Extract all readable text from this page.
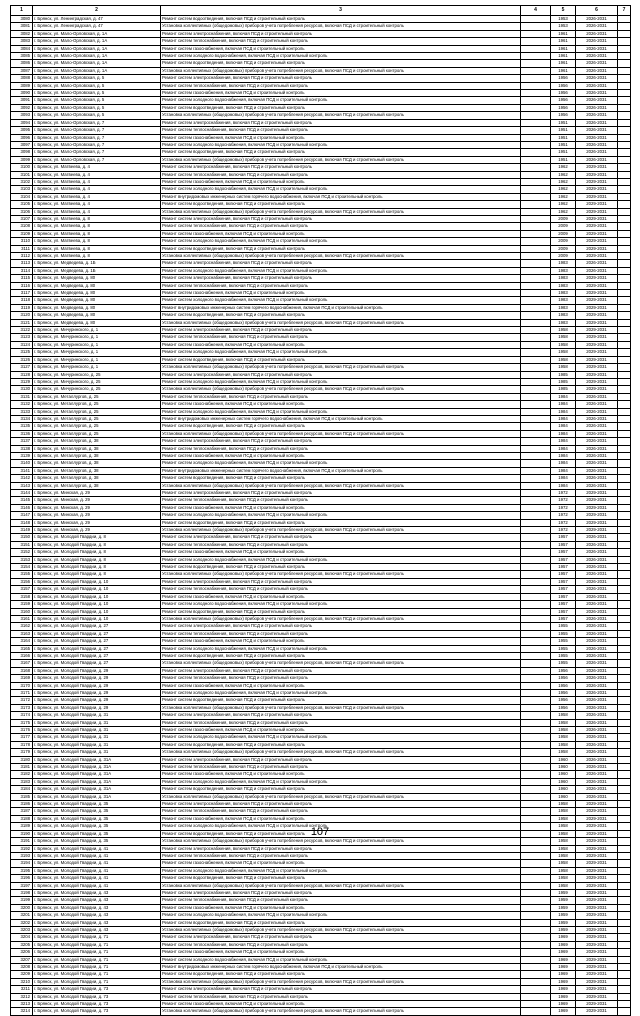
1	2	3	4	5	6	7
3080	г. Брянск, ул. Ленинградская, д. 47	Ремонт систем водоотведения, включая ПСД и строительный контроль		1953	2026-2031	
3081	г. Брянск, ул. Ленинградская, д. 47	Установка коллективных (общедомовых) приборов учета потребления ресурсов, включая ПСД и строительный контроль		1953	2026-2031	
3082	г. Брянск, ул. Мало-Орловская, д. 1А	Ремонт систем электроснабжения, включая ПСД и строительный контроль		1961	2026-2031	
3083	г. Брянск, ул. Мало-Орловская, д. 1А	Ремонт систем теплоснабжения, включая ПСД и строительный контроль		1961	2026-2031	
3084	г. Брянск, ул. Мало-Орловская, д. 1А	Ремонт систем газоснабжения, включая ПСД и строительный контроль		1961	2026-2031	
3085	г. Брянск, ул. Мало-Орловская, д. 1А	Ремонт систем холодного водоснабжения, включая ПСД и строительный контроль		1961	2026-2031	
3086	г. Брянск, ул. Мало-Орловская, д. 1А	Ремонт систем водоотведения, включая ПСД и строительный контроль		1961	2026-2031	
3087	г. Брянск, ул. Мало-Орловская, д. 1А	Установка коллективных (общедомовых) приборов учета потребления ресурсов, включая ПСД и строительный контроль		1961	2026-2031	
3088	г. Брянск, ул. Мало-Орловская, д. 5	Ремонт систем электроснабжения, включая ПСД и строительный контроль		1956	2026-2031	
3089	г. Брянск, ул. Мало-Орловская, д. 5	Ремонт систем теплоснабжения, включая ПСД и строительный контроль		1956	2026-2031	
3090	г. Брянск, ул. Мало-Орловская, д. 5	Ремонт систем газоснабжения, включая ПСД и строительный контроль		1956	2026-2031	
3091	г. Брянск, ул. Мало-Орловская, д. 5	Ремонт систем холодного водоснабжения, включая ПСД и строительный контроль		1956	2026-2031	
3092	г. Брянск, ул. Мало-Орловская, д. 5	Ремонт систем водоотведения, включая ПСД и строительный контроль		1956	2026-2031	
3093	г. Брянск, ул. Мало-Орловская, д. 5	Установка коллективных (общедомовых) приборов учета потребления ресурсов, включая ПСД и строительный контроль		1956	2026-2031	
3094	г. Брянск, ул. Мало-Орловская, д. 7	Ремонт систем электроснабжения, включая ПСД и строительный контроль		1951	2026-2031	
3095	г. Брянск, ул. Мало-Орловская, д. 7	Ремонт систем теплоснабжения, включая ПСД и строительный контроль		1951	2026-2031	
3096	г. Брянск, ул. Мало-Орловская, д. 7	Ремонт систем газоснабжения, включая ПСД и строительный контроль		1951	2026-2031	
3097	г. Брянск, ул. Мало-Орловская, д. 7	Ремонт систем холодного водоснабжения, включая ПСД и строительный контроль		1951	2026-2031	
3098	г. Брянск, ул. Мало-Орловская, д. 7	Ремонт систем водоотведения, включая ПСД и строительный контроль		1951	2026-2031	
3099	г. Брянск, ул. Мало-Орловская, д. 7	Установка коллективных (общедомовых) приборов учета потребления ресурсов, включая ПСД и строительный контроль		1951	2026-2031	
3100	г. Брянск, ул. Матвеева, д. 4	Ремонт систем электроснабжения, включая ПСД и строительный контроль		1962	2029-2031	
3101	г. Брянск, ул. Матвеева, д. 4	Ремонт систем теплоснабжения, включая ПСД и строительный контроль		1962	2029-2031	
3102	г. Брянск, ул. Матвеева, д. 4	Ремонт систем газоснабжения, включая ПСД и строительный контроль		1962	2029-2031	
3103	г. Брянск, ул. Матвеева, д. 4	Ремонт систем холодного водоснабжения, включая ПСД и строительный контроль		1962	2029-2031	
3104	г. Брянск, ул. Матвеева, д. 4	Ремонт внутридомовых инженерных систем горячего водоснабжения, включая ПСД и строительный контроль		1962	2029-2031	
3105	г. Брянск, ул. Матвеева, д. 4	Ремонт систем водоотведения, включая ПСД и строительный контроль		1962	2029-2031	
3106	г. Брянск, ул. Матвеева, д. 4	Установка коллективных (общедомовых) приборов учета потребления ресурсов, включая ПСД и строительный контроль		1962	2029-2031	
3107	г. Брянск, ул. Матвеева, д. 8	Ремонт систем электроснабжения, включая ПСД и строительный контроль		2009	2029-2031	
3108	г. Брянск, ул. Матвеева, д. 8	Ремонт систем теплоснабжения, включая ПСД и строительный контроль		2009	2029-2031	
3109	г. Брянск, ул. Матвеева, д. 8	Ремонт систем газоснабжения, включая ПСД и строительный контроль		2009	2029-2031	
3110	г. Брянск, ул. Матвеева, д. 8	Ремонт систем холодного водоснабжения, включая ПСД и строительный контроль		2009	2029-2031	
3111	г. Брянск, ул. Матвеева, д. 8	Ремонт систем водоотведения, включая ПСД и строительный контроль		2009	2029-2031	
3112	г. Брянск, ул. Матвеева, д. 8	Установка коллективных (общедомовых) приборов учета потребления ресурсов, включая ПСД и строительный контроль		2009	2029-2031	
3113	г. Брянск, ул. Медведева, д. 1Б	Ремонт систем электроснабжения, включая ПСД и строительный контроль		1983	2026-2031	
3114	г. Брянск, ул. Медведева, д. 1Б	Ремонт систем холодного водоснабжения, включая ПСД и строительный контроль		1983	2026-2031	
3115	г. Брянск, ул. Медведева, д. 80	Ремонт систем электроснабжения, включая ПСД и строительный контроль		1983	2029-2031	
3116	г. Брянск, ул. Медведева, д. 80	Ремонт систем теплоснабжения, включая ПСД и строительный контроль		1983	2029-2031	
3117	г. Брянск, ул. Медведева, д. 80	Ремонт систем газоснабжения, включая ПСД и строительный контроль		1983	2029-2031	
3118	г. Брянск, ул. Медведева, д. 80	Ремонт систем холодного водоснабжения, включая ПСД и строительный контроль		1983	2029-2031	
3119	г. Брянск, ул. Медведева, д. 80	Ремонт внутридомовых инженерных систем горячего водоснабжения, включая ПСД и строительный контроль		1983	2029-2031	
3120	г. Брянск, ул. Медведева, д. 80	Ремонт систем водоотведения, включая ПСД и строительный контроль		1983	2029-2031	
3121	г. Брянск, ул. Медведева, д. 80	Установка коллективных (общедомовых) приборов учета потребления ресурсов, включая ПСД и строительный контроль		1983	2029-2031	
3122	г. Брянск, ул. Мичуринского, д. 1	Ремонт систем электроснабжения, включая ПСД и строительный контроль		1958	2029-2031	
3123	г. Брянск, ул. Мичуринского, д. 1	Ремонт систем теплоснабжения, включая ПСД и строительный контроль		1958	2029-2031	
3124	г. Брянск, ул. Мичуринского, д. 1	Ремонт систем газоснабжения, включая ПСД и строительный контроль		1958	2029-2031	
3125	г. Брянск, ул. Мичуринского, д. 1	Ремонт систем холодного водоснабжения, включая ПСД и строительный контроль		1958	2029-2031	
3126	г. Брянск, ул. Мичуринского, д. 1	Ремонт систем водоотведения, включая ПСД и строительный контроль		1958	2029-2031	
3127	г. Брянск, ул. Мичуринского, д. 1	Установка коллективных (общедомовых) приборов учета потребления ресурсов, включая ПСД и строительный контроль		1958	2029-2031	
3128	г. Брянск, ул. Мичуринского, д. 25	Ремонт систем электроснабжения, включая ПСД и строительный контроль		1985	2029-2031	
3129	г. Брянск, ул. Мичуринского, д. 25	Ремонт систем холодного водоснабжения, включая ПСД и строительный контроль		1985	2029-2031	
3130	г. Брянск, ул. Мичуринского, д. 25	Установка коллективных (общедомовых) приборов учета потребления ресурсов, включая ПСД и строительный контроль		1985	2029-2031	
3131	г. Брянск, ул. Металлургов, д. 25	Ремонт систем теплоснабжения, включая ПСД и строительный контроль		1984	2026-2031	
3132	г. Брянск, ул. Металлургов, д. 25	Ремонт систем газоснабжения, включая ПСД и строительный контроль		1984	2026-2031	
3133	г. Брянск, ул. Металлургов, д. 25	Ремонт систем холодного водоснабжения, включая ПСД и строительный контроль		1984	2026-2031	
3134	г. Брянск, ул. Металлургов, д. 25	Ремонт внутридомовых инженерных систем горячего водоснабжения, включая ПСД и строительный контроль		1984	2026-2031	
3135	г. Брянск, ул. Металлургов, д. 25	Ремонт систем водоотведения, включая ПСД и строительный контроль		1984	2026-2031	
3136	г. Брянск, ул. Металлургов, д. 25	Установка коллективных (общедомовых) приборов учета потребления ресурсов, включая ПСД и строительный контроль		1984	2026-2031	
3137	г. Брянск, ул. Металлургов, д. 38	Ремонт систем электроснабжения, включая ПСД и строительный контроль		1984	2026-2031	
3138	г. Брянск, ул. Металлургов, д. 38	Ремонт систем теплоснабжения, включая ПСД и строительный контроль		1984	2026-2031	
3139	г. Брянск, ул. Металлургов, д. 38	Ремонт систем газоснабжения, включая ПСД и строительный контроль		1984	2026-2031	
3140	г. Брянск, ул. Металлургов, д. 38	Ремонт систем холодного водоснабжения, включая ПСД и строительный контроль		1984	2026-2031	
3141	г. Брянск, ул. Металлургов, д. 38	Ремонт внутридомовых инженерных систем горячего водоснабжения, включая ПСД и строительный контроль		1984	2026-2031	
3142	г. Брянск, ул. Металлургов, д. 38	Ремонт систем водоотведения, включая ПСД и строительный контроль		1984	2026-2031	
3143	г. Брянск, ул. Металлургов, д. 38	Установка коллективных (общедомовых) приборов учета потребления ресурсов, включая ПСД и строительный контроль		1984	2026-2031	
3144	г. Брянск, ул. Минская, д. 29	Ремонт систем электроснабжения, включая ПСД и строительный контроль		1972	2029-2031	
3145	г. Брянск, ул. Минская, д. 29	Ремонт систем теплоснабжения, включая ПСД и строительный контроль		1972	2029-2031	
3146	г. Брянск, ул. Минская, д. 29	Ремонт систем газоснабжения, включая ПСД и строительный контроль		1972	2029-2031	
3147	г. Брянск, ул. Минская, д. 29	Ремонт систем холодного водоснабжения, включая ПСД и строительный контроль		1972	2029-2031	
3148	г. Брянск, ул. Минская, д. 29	Ремонт систем водоотведения, включая ПСД и строительный контроль		1972	2029-2031	
3149	г. Брянск, ул. Минская, д. 29	Установка коллективных (общедомовых) приборов учета потребления ресурсов, включая ПСД и строительный контроль		1972	2029-2031	
3150	г. Брянск, ул. Молодой Гвардии, д. 8	Ремонт систем электроснабжения, включая ПСД и строительный контроль		1957	2026-2031	
3151	г. Брянск, ул. Молодой Гвардии, д. 8	Ремонт систем теплоснабжения, включая ПСД и строительный контроль		1957	2026-2031	
3152	г. Брянск, ул. Молодой Гвардии, д. 8	Ремонт систем газоснабжения, включая ПСД и строительный контроль		1957	2026-2031	
3153	г. Брянск, ул. Молодой Гвардии, д. 8	Ремонт систем холодного водоснабжения, включая ПСД и строительный контроль		1957	2026-2031	
3154	г. Брянск, ул. Молодой Гвардии, д. 8	Ремонт систем водоотведения, включая ПСД и строительный контроль		1957	2026-2031	
3155	г. Брянск, ул. Молодой Гвардии, д. 8	Установка коллективных (общедомовых) приборов учета потребления ресурсов, включая ПСД и строительный контроль		1957	2026-2031	
3156	г. Брянск, ул. Молодой Гвардии, д. 10	Ремонт систем электроснабжения, включая ПСД и строительный контроль		1957	2026-2031	
3157	г. Брянск, ул. Молодой Гвардии, д. 10	Ремонт систем теплоснабжения, включая ПСД и строительный контроль		1957	2026-2031	
3158	г. Брянск, ул. Молодой Гвардии, д. 10	Ремонт систем газоснабжения, включая ПСД и строительный контроль		1957	2026-2031	
3159	г. Брянск, ул. Молодой Гвардии, д. 10	Ремонт систем холодного водоснабжения, включая ПСД и строительный контроль		1957	2026-2031	
3160	г. Брянск, ул. Молодой Гвардии, д. 10	Ремонт систем водоотведения, включая ПСД и строительный контроль		1957	2026-2031	
3161	г. Брянск, ул. Молодой Гвардии, д. 10	Установка коллективных (общедомовых) приборов учета потребления ресурсов, включая ПСД и строительный контроль		1957	2026-2031	
3162	г. Брянск, ул. Молодой Гвардии, д. 27	Ремонт систем электроснабжения, включая ПСД и строительный контроль		1955	2026-2031	
3163	г. Брянск, ул. Молодой Гвардии, д. 27	Ремонт систем теплоснабжения, включая ПСД и строительный контроль		1955	2026-2031	
3164	г. Брянск, ул. Молодой Гвардии, д. 27	Ремонт систем газоснабжения, включая ПСД и строительный контроль		1955	2026-2031	
3165	г. Брянск, ул. Молодой Гвардии, д. 27	Ремонт систем холодного водоснабжения, включая ПСД и строительный контроль		1955	2026-2031	
3166	г. Брянск, ул. Молодой Гвардии, д. 27	Ремонт систем водоотведения, включая ПСД и строительный контроль		1955	2026-2031	
3167	г. Брянск, ул. Молодой Гвардии, д. 27	Установка коллективных (общедомовых) приборов учета потребления ресурсов, включая ПСД и строительный контроль		1955	2026-2031	
3168	г. Брянск, ул. Молодой Гвардии, д. 29	Ремонт систем электроснабжения, включая ПСД и строительный контроль		1956	2026-2031	
3169	г. Брянск, ул. Молодой Гвардии, д. 29	Ремонт систем теплоснабжения, включая ПСД и строительный контроль		1956	2026-2031	
3170	г. Брянск, ул. Молодой Гвардии, д. 29	Ремонт систем газоснабжения, включая ПСД и строительный контроль		1956	2026-2031	
3171	г. Брянск, ул. Молодой Гвардии, д. 29	Ремонт систем холодного водоснабжения, включая ПСД и строительный контроль		1956	2026-2031	
3172	г. Брянск, ул. Молодой Гвардии, д. 29	Ремонт систем водоотведения, включая ПСД и строительный контроль		1956	2026-2031	
3173	г. Брянск, ул. Молодой Гвардии, д. 29	Установка коллективных (общедомовых) приборов учета потребления ресурсов, включая ПСД и строительный контроль		1956	2026-2031	
3174	г. Брянск, ул. Молодой Гвардии, д. 31	Ремонт систем электроснабжения, включая ПСД и строительный контроль		1958	2026-2031	
3175	г. Брянск, ул. Молодой Гвардии, д. 31	Ремонт систем теплоснабжения, включая ПСД и строительный контроль		1958	2026-2031	
3176	г. Брянск, ул. Молодой Гвардии, д. 31	Ремонт систем газоснабжения, включая ПСД и строительный контроль		1958	2026-2031	
3177	г. Брянск, ул. Молодой Гвардии, д. 31	Ремонт систем холодного водоснабжения, включая ПСД и строительный контроль		1958	2026-2031	
3178	г. Брянск, ул. Молодой Гвардии, д. 31	Ремонт систем водоотведения, включая ПСД и строительный контроль		1958	2026-2031	
3179	г. Брянск, ул. Молодой Гвардии, д. 31	Установка коллективных (общедомовых) приборов учета потребления ресурсов, включая ПСД и строительный контроль		1958	2026-2031	
3180	г. Брянск, ул. Молодой Гвардии, д. 31А	Ремонт систем электроснабжения, включая ПСД и строительный контроль		1960	2026-2031	
3181	г. Брянск, ул. Молодой Гвардии, д. 31А	Ремонт систем теплоснабжения, включая ПСД и строительный контроль		1960	2026-2031	
3182	г. Брянск, ул. Молодой Гвардии, д. 31А	Ремонт систем газоснабжения, включая ПСД и строительный контроль		1960	2026-2031	
3183	г. Брянск, ул. Молодой Гвардии, д. 31А	Ремонт систем холодного водоснабжения, включая ПСД и строительный контроль		1960	2026-2031	
3184	г. Брянск, ул. Молодой Гвардии, д. 31А	Ремонт систем водоотведения, включая ПСД и строительный контроль		1960	2026-2031	
3185	г. Брянск, ул. Молодой Гвардии, д. 31А	Установка коллективных (общедомовых) приборов учета потребления ресурсов, включая ПСД и строительный контроль		1960	2026-2031	
3186	г. Брянск, ул. Молодой Гвардии, д. 35	Ремонт систем электроснабжения, включая ПСД и строительный контроль		1958	2029-2031	
3187	г. Брянск, ул. Молодой Гвардии, д. 35	Ремонт систем теплоснабжения, включая ПСД и строительный контроль		1958	2029-2031	
3188	г. Брянск, ул. Молодой Гвардии, д. 35	Ремонт систем газоснабжения, включая ПСД и строительный контроль		1958	2029-2031	
3189	г. Брянск, ул. Молодой Гвардии, д. 35	Ремонт систем холодного водоснабжения, включая ПСД и строительный контроль		1958	2029-2031	
3190	г. Брянск, ул. Молодой Гвардии, д. 35	Ремонт систем водоотведения, включая ПСД и строительный контроль		1958	2029-2031	
3191	г. Брянск, ул. Молодой Гвардии, д. 35	Установка коллективных (общедомовых) приборов учета потребления ресурсов, включая ПСД и строительный контроль		1958	2029-2031	
3192	г. Брянск, ул. Молодой Гвардии, д. 41	Ремонт систем электроснабжения, включая ПСД и строительный контроль		1958	2029-2031	
3193	г. Брянск, ул. Молодой Гвардии, д. 41	Ремонт систем теплоснабжения, включая ПСД и строительный контроль		1958	2029-2031	
3194	г. Брянск, ул. Молодой Гвардии, д. 41	Ремонт систем газоснабжения, включая ПСД и строительный контроль		1958	2029-2031	
3195	г. Брянск, ул. Молодой Гвардии, д. 41	Ремонт систем холодного водоснабжения, включая ПСД и строительный контроль		1958	2029-2031	
3196	г. Брянск, ул. Молодой Гвардии, д. 41	Ремонт систем водоотведения, включая ПСД и строительный контроль		1958	2029-2031	
3197	г. Брянск, ул. Молодой Гвардии, д. 41	Установка коллективных (общедомовых) приборов учета потребления ресурсов, включая ПСД и строительный контроль		1958	2029-2031	
3198	г. Брянск, ул. Молодой Гвардии, д. 43	Ремонт систем электроснабжения, включая ПСД и строительный контроль		1959	2029-2031	
3199	г. Брянск, ул. Молодой Гвардии, д. 43	Ремонт систем теплоснабжения, включая ПСД и строительный контроль		1959	2029-2031	
3200	г. Брянск, ул. Молодой Гвардии, д. 43	Ремонт систем газоснабжения, включая ПСД и строительный контроль		1959	2029-2031	
3201	г. Брянск, ул. Молодой Гвардии, д. 43	Ремонт систем холодного водоснабжения, включая ПСД и строительный контроль		1959	2029-2031	
3202	г. Брянск, ул. Молодой Гвардии, д. 43	Ремонт систем водоотведения, включая ПСД и строительный контроль		1959	2029-2031	
3203	г. Брянск, ул. Молодой Гвардии, д. 43	Установка коллективных (общедомовых) приборов учета потребления ресурсов, включая ПСД и строительный контроль		1959	2029-2031	
3204	г. Брянск, ул. Молодой Гвардии, д. 71	Ремонт систем электроснабжения, включая ПСД и строительный контроль		1969	2029-2031	
3205	г. Брянск, ул. Молодой Гвардии, д. 71	Ремонт систем теплоснабжения, включая ПСД и строительный контроль		1969	2029-2031	
3206	г. Брянск, ул. Молодой Гвардии, д. 71	Ремонт систем газоснабжения, включая ПСД и строительный контроль		1969	2029-2031	
3207	г. Брянск, ул. Молодой Гвардии, д. 71	Ремонт систем холодного водоснабжения, включая ПСД и строительный контроль		1969	2029-2031	
3208	г. Брянск, ул. Молодой Гвардии, д. 71	Ремонт внутридомовых инженерных систем горячего водоснабжения, включая ПСД и строительный контроль		1969	2029-2031	
3209	г. Брянск, ул. Молодой Гвардии, д. 71	Ремонт систем водоотведения, включая ПСД и строительный контроль		1969	2029-2031	
3210	г. Брянск, ул. Молодой Гвардии, д. 71	Установка коллективных (общедомовых) приборов учета потребления ресурсов, включая ПСД и строительный контроль		1969	2029-2031	
3211	г. Брянск, ул. Молодой Гвардии, д. 73	Ремонт систем электроснабжения, включая ПСД и строительный контроль		1969	2029-2031	
3212	г. Брянск, ул. Молодой Гвардии, д. 73	Ремонт систем теплоснабжения, включая ПСД и строительный контроль		1969	2029-2031	
3213	г. Брянск, ул. Молодой Гвардии, д. 73	Ремонт систем газоснабжения, включая ПСД и строительный контроль		1969	2029-2031	
3214	г. Брянск, ул. Молодой Гвардии, д. 73	Установка коллективных (общедомовых) приборов учета потребления ресурсов, включая ПСД и строительный контроль		1969	2029-2031	
107
